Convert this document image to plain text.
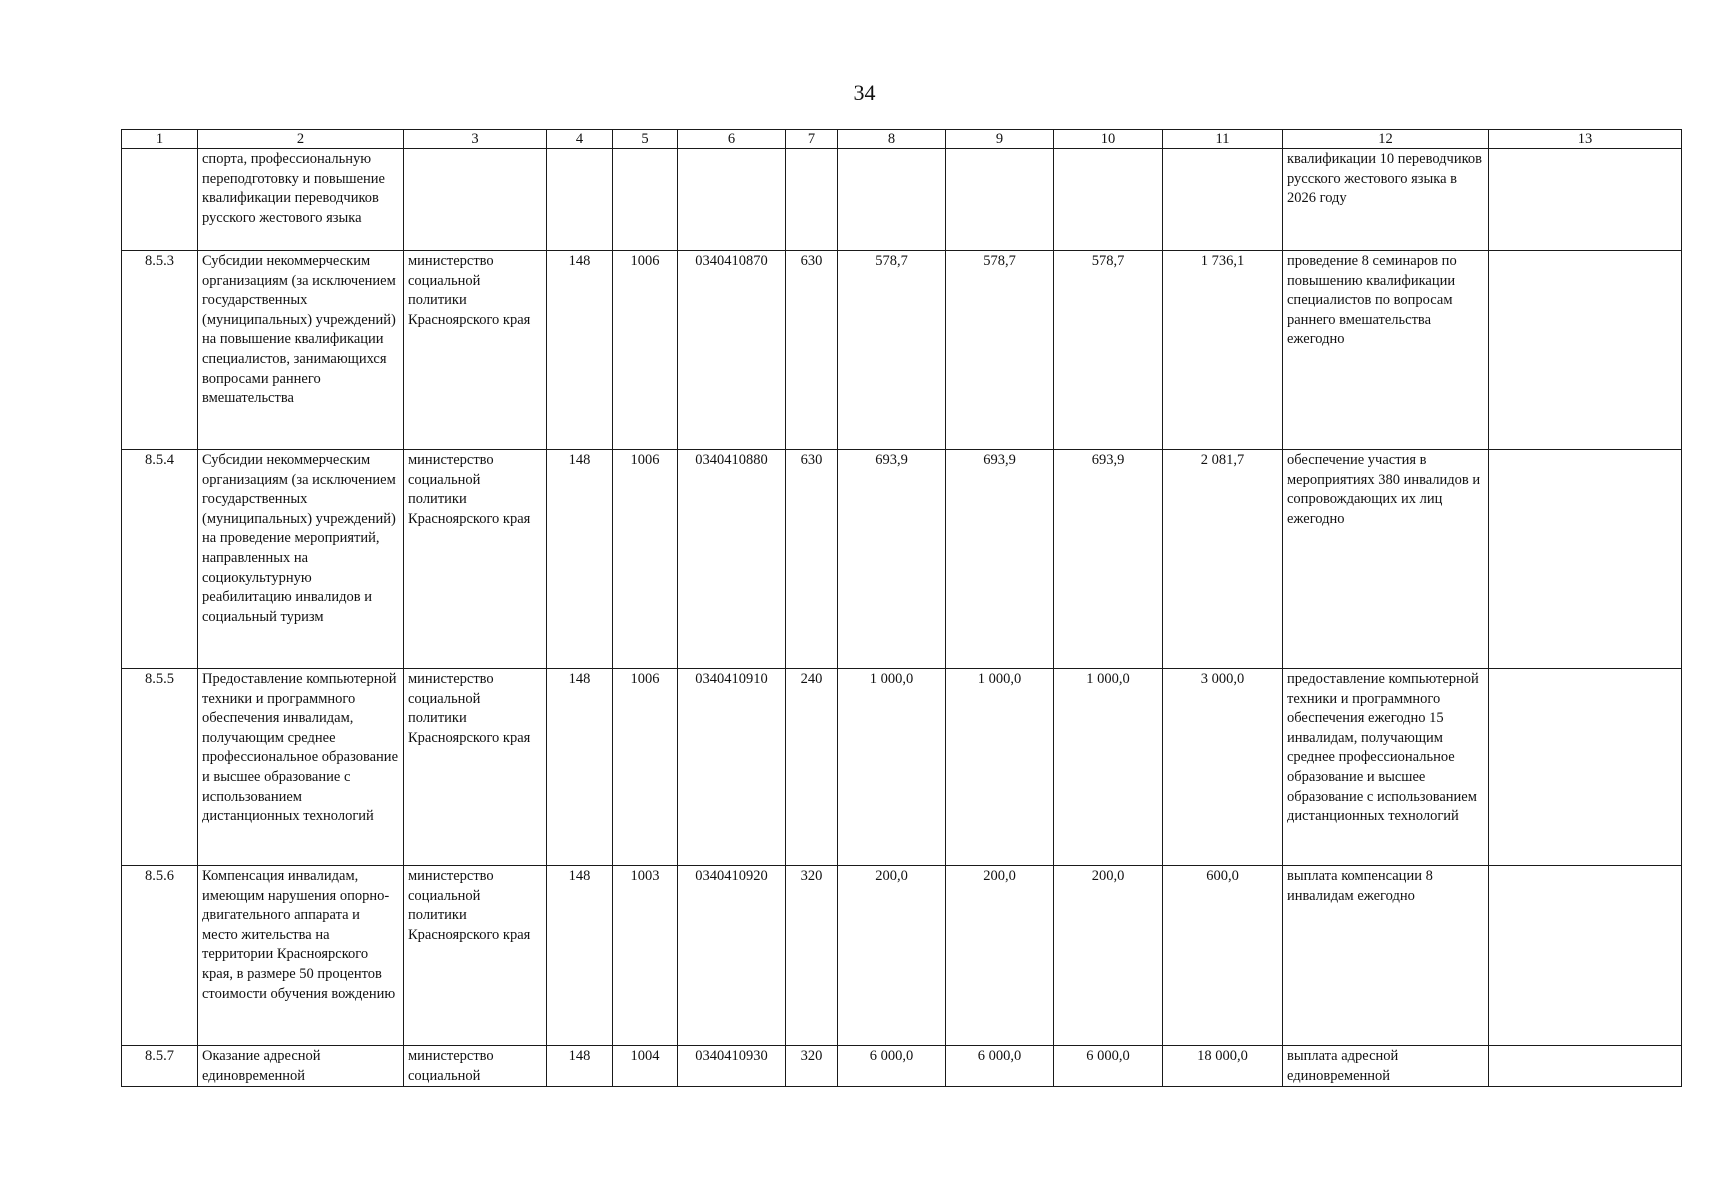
34
1	2	3	4	5	6	7	8	9	10	11	12	13
	спорта, профессиональную переподготовку и повышение квалификации переводчиков русского жестового языка										квалификации 10 переводчиков русского жестового языка в 2026 году	
8.5.3	Субсидии некоммерческим организациям (за исключением государственных (муниципальных) учреждений) на повышение квалификации специалистов, занимающихся вопросами раннего вмешательства	министерство социальной политики Красноярского края	148	1006	0340410870	630	578,7	578,7	578,7	1 736,1	проведение 8 семинаров по повышению квалификации специалистов по вопросам раннего вмешательства ежегодно	
8.5.4	Субсидии некоммерческим организациям (за исключением государственных (муниципальных) учреждений) на проведение мероприятий, направленных на социокультурную реабилитацию инвалидов и социальный туризм	министерство социальной политики Красноярского края	148	1006	0340410880	630	693,9	693,9	693,9	2 081,7	обеспечение участия в мероприятиях 380 инвалидов и сопровождающих их лиц ежегодно	
8.5.5	Предоставление компьютерной техники и программного обеспечения инвалидам, получающим среднее профессиональное образование и высшее образование с использованием дистанционных технологий	министерство социальной политики Красноярского края	148	1006	0340410910	240	1 000,0	1 000,0	1 000,0	3 000,0	предоставление компьютерной техники и программного обеспечения ежегодно 15 инвалидам, получающим среднее профессиональное образование и высшее образование с использованием дистанционных технологий	
8.5.6	Компенсация инвалидам, имеющим нарушения опорно-двигательного аппарата и место жительства на территории Красноярского края, в размере 50 процентов стоимости обучения вождению	министерство социальной политики Красноярского края	148	1003	0340410920	320	200,0	200,0	200,0	600,0	выплата компенсации 8 инвалидам ежегодно	
8.5.7	Оказание адресной единовременной	министерство социальной	148	1004	0340410930	320	6 000,0	6 000,0	6 000,0	18 000,0	выплата адресной единовременной	
